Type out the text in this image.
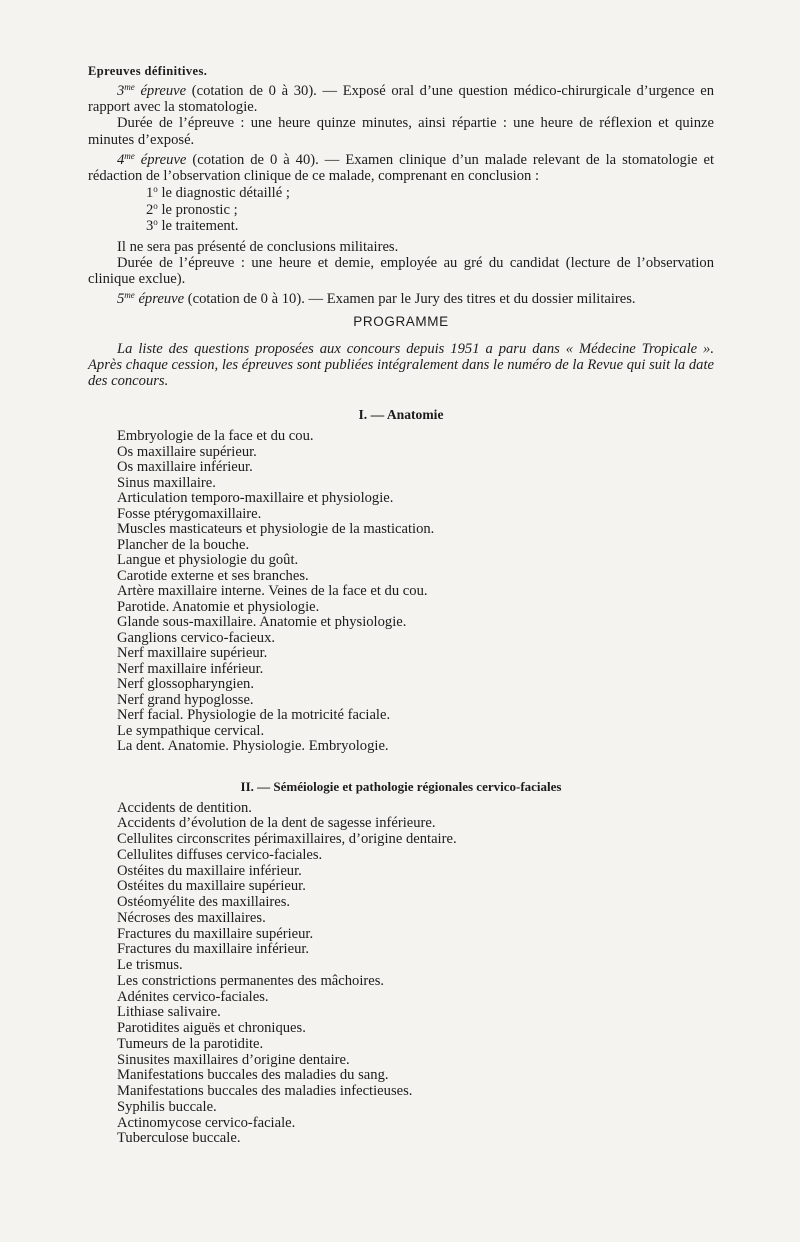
Epreuves définitives.

$3^{me}$ épreuve (cotation de 0 à 30). — Exposé oral d’une question médico-chirurgicale d’urgence en rapport avec la stomatologie.

Durée de l’épreuve : une heure quinze minutes, ainsi répartie : une heure de réflexion et quinze minutes d’exposé.

$4^{me}$ épreuve (cotation de 0 à 40). — Examen clinique d’un malade relevant de la stomatologie et rédaction de l’observation clinique de ce malade, comprenant en conclusion :

1$^o$ le diagnostic détaillé ;
2$^o$ le pronostic ;
3$^o$ le traitement.

Il ne sera pas présenté de conclusions militaires.

Durée de l’épreuve : une heure et demie, employée au gré du candidat (lecture de l’observation clinique exclue).

$5^{me}$ épreuve (cotation de 0 à 10). — Examen par le Jury des titres et du dossier militaires.

PROGRAMME

La liste des questions proposées aux concours depuis 1951 a paru dans « Médecine Tropicale ». Après chaque cession, les épreuves sont publiées intégralement dans le numéro de la Revue qui suit la date des concours.

I. — Anatomie
Embryologie de la face et du cou.
Os maxillaire supérieur.
Os maxillaire inférieur.
Sinus maxillaire.
Articulation temporo-maxillaire et physiologie.
Fosse ptérygomaxillaire.
Muscles masticateurs et physiologie de la mastication.
Plancher de la bouche.
Langue et physiologie du goût.
Carotide externe et ses branches.
Artère maxillaire interne. Veines de la face et du cou.
Parotide. Anatomie et physiologie.
Glande sous-maxillaire. Anatomie et physiologie.
Ganglions cervico-facieux.
Nerf maxillaire supérieur.
Nerf maxillaire inférieur.
Nerf glossopharyngien.
Nerf grand hypoglosse.
Nerf facial. Physiologie de la motricité faciale.
Le sympathique cervical.
La dent. Anatomie. Physiologie. Embryologie.
II. — Séméiologie et pathologie régionales cervico-faciales
Accidents de dentition.
Accidents d’évolution de la dent de sagesse inférieure.
Cellulites circonscrites périmaxillaires, d’origine dentaire.
Cellulites diffuses cervico-faciales.
Ostéites du maxillaire inférieur.
Ostéites du maxillaire supérieur.
Ostéomyélite des maxillaires.
Nécroses des maxillaires.
Fractures du maxillaire supérieur.
Fractures du maxillaire inférieur.
Le trismus.
Les constrictions permanentes des mâchoires.
Adénites cervico-faciales.
Lithiase salivaire.
Parotidites aiguës et chroniques.
Tumeurs de la parotidite.
Sinusites maxillaires d’origine dentaire.
Manifestations buccales des maladies du sang.
Manifestations buccales des maladies infectieuses.
Syphilis buccale.
Actinomycose cervico-faciale.
Tuberculose buccale.
